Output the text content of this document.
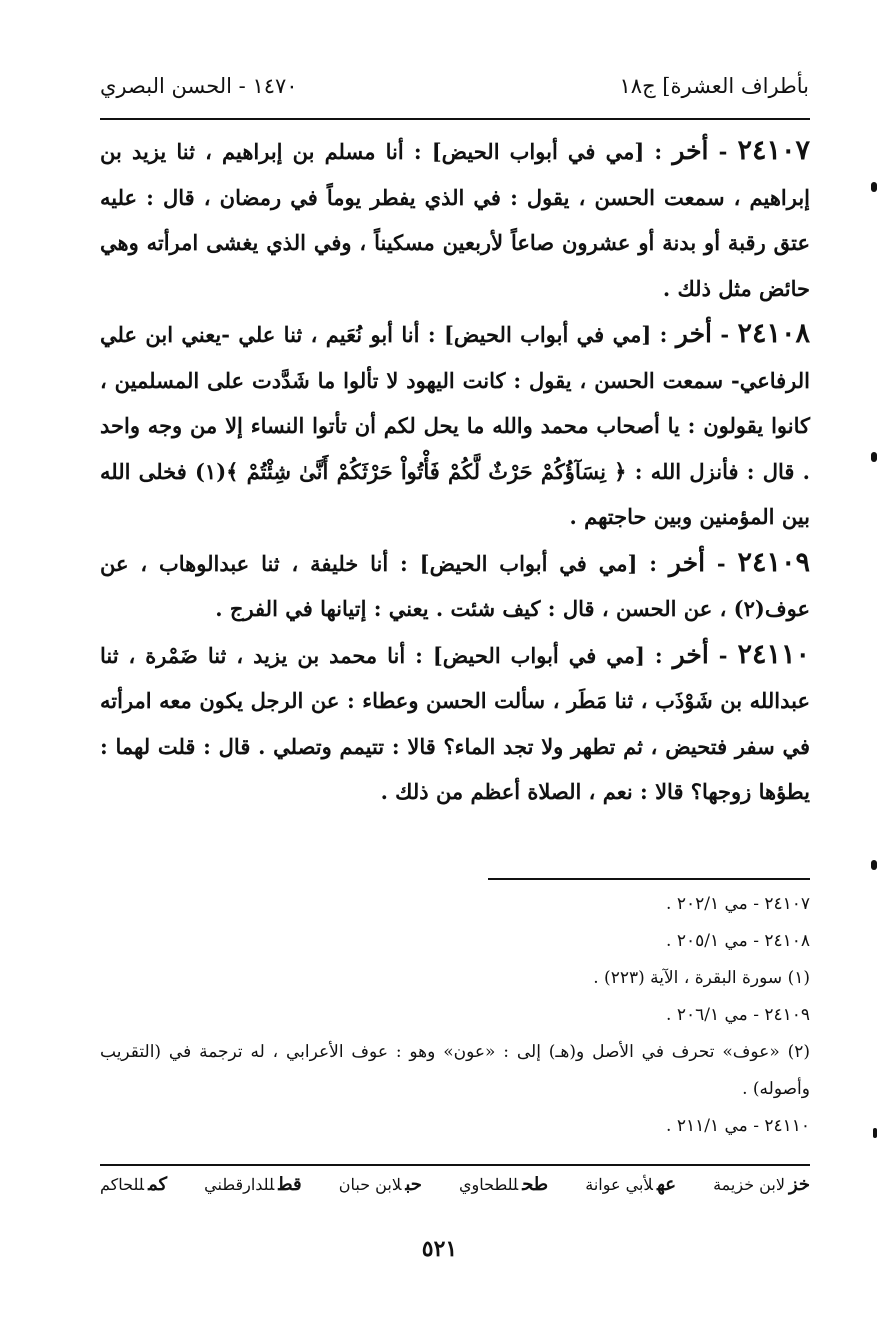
بأطراف العشرة] ج١٨
١٤٧٠ - الحسن البصري

٢٤١٠٧ - أخر : [مي في أبواب الحيض] : أنا مسلم بن إبراهيم ، ثنا يزيد بن إبراهيم ، سمعت الحسن ، يقول : في الذي يفطر يوماً في رمضان ، قال : عليه عتق رقبة أو بدنة أو عشرون صاعاً لأربعين مسكيناً ، وفي الذي يغشى امرأته وهي حائض مثل ذلك .

٢٤١٠٨ - أخر : [مي في أبواب الحيض] : أنا أبو نُعَيم ، ثنا علي -يعني ابن علي الرفاعي- سمعت الحسن ، يقول : كانت اليهود لا تألوا ما شَدَّدت على المسلمين ، كانوا يقولون : يا أصحاب محمد والله ما يحل لكم أن تأتوا النساء إلا من وجه واحد . قال : فأنزل الله : ﴿ نِسَآؤُكُمْ حَرْثٌ لَّكُمْ فَأْتُواْ حَرْثَكُمْ أَنَّىٰ شِئْتُمْ ﴾(١) فخلى الله بين المؤمنين وبين حاجتهم .

٢٤١٠٩ - أخر : [مي في أبواب الحيض] : أنا خليفة ، ثنا عبدالوهاب ، عن عوف(٢) ، عن الحسن ، قال : كيف شئت . يعني : إتيانها في الفرج .

٢٤١١٠ - أخر : [مي في أبواب الحيض] : أنا محمد بن يزيد ، ثنا ضَمْرة ، ثنا عبدالله بن شَوْذَب ، ثنا مَطَر ، سألت الحسن وعطاء : عن الرجل يكون معه امرأته في سفر فتحيض ، ثم تطهر ولا تجد الماء؟ قالا : تتيمم وتصلي . قال : قلت لهما : يطؤها زوجها؟ قالا : نعم ، الصلاة أعظم من ذلك .

٢٤١٠٧ - مي ٢٠٢/١ .

٢٤١٠٨ - مي ٢٠٥/١ .

(١) سورة البقرة ، الآية (٢٢٣) .

٢٤١٠٩ - مي ٢٠٦/١ .

(٢) «عوف» تحرف في الأصل و(هـ) إلى : «عون» وهو : عوف الأعرابي ، له ترجمة في (التقريب وأصوله) .

٢٤١١٠ - مي ٢١١/١ .

خزلابن خزيمة
عهلأبي عوانة
طحللطحاوي
حبلابن حبان
قطللدارقطني
كمللحاكم
٥٢١
